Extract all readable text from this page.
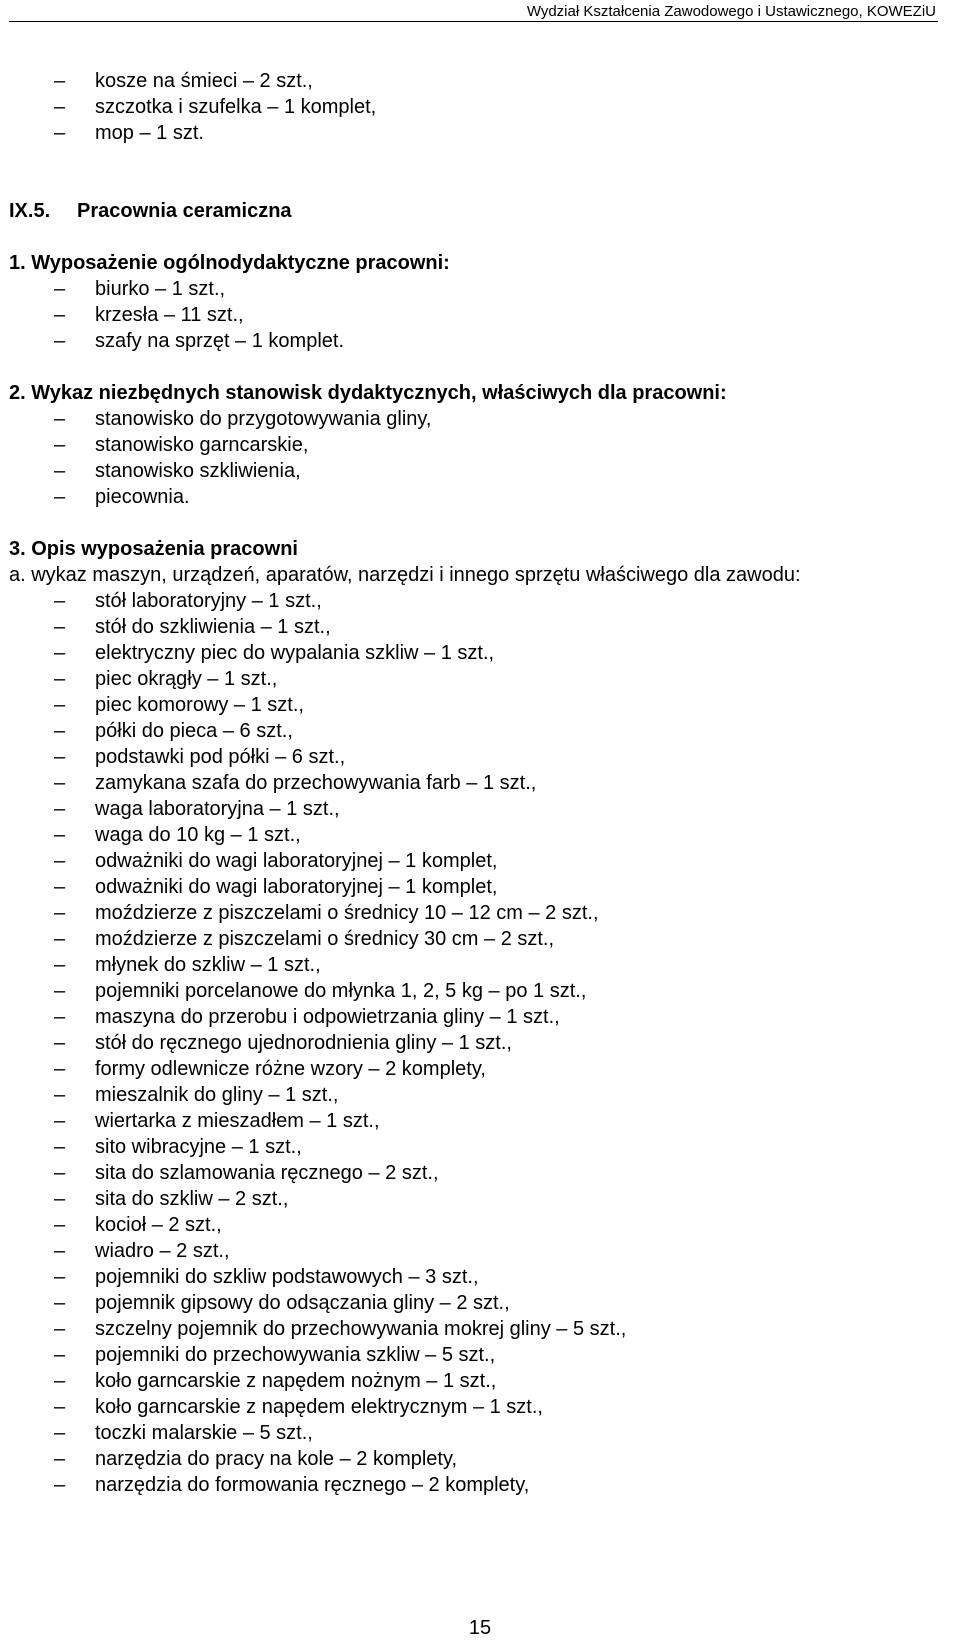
Wydział Kształcenia Zawodowego i Ustawicznego, KOWEZiU
IX.5. Pracownia ceramiczna
1. Wyposażenie ogólnodydaktyczne pracowni:
2. Wykaz niezbędnych stanowisk dydaktycznych, właściwych dla pracowni:
3. Opis wyposażenia pracowni
a. wykaz maszyn, urządzeń, aparatów, narzędzi i innego sprzętu właściwego dla zawodu:
15
– kosze na śmieci – 2 szt.,
– szczotka i szufelka – 1 komplet,
– mop – 1 szt.
– biurko – 1 szt.,
– krzesła – 11 szt.,
– szafy na sprzęt – 1 komplet.
– stanowisko do przygotowywania gliny,
– stanowisko garncarskie,
– stanowisko szkliwienia,
– piecownia.
– stół laboratoryjny – 1 szt.,
– stół do szkliwienia – 1 szt.,
– elektryczny piec do wypalania szkliw – 1 szt.,
– piec okrągły – 1 szt.,
– piec komorowy – 1 szt.,
– półki do pieca – 6 szt.,
– podstawki pod półki – 6 szt.,
– zamykana szafa do przechowywania farb – 1 szt.,
– waga laboratoryjna – 1 szt.,
– waga do 10 kg – 1 szt.,
– odważniki do wagi laboratoryjnej – 1 komplet,
– odważniki do wagi laboratoryjnej – 1 komplet,
– moździerze z piszczelami o średnicy 10 – 12 cm – 2 szt.,
– moździerze z piszczelami o średnicy 30 cm – 2 szt.,
– młynek do szkliw – 1 szt.,
– pojemniki porcelanowe do młynka 1, 2, 5 kg – po 1 szt.,
– maszyna do przerobu i odpowietrzania gliny – 1 szt.,
– stół do ręcznego ujednorodnienia gliny – 1 szt.,
– formy odlewnicze różne wzory – 2 komplety,
– mieszalnik do gliny – 1 szt.,
– wiertarka z mieszadłem – 1 szt.,
– sito wibracyjne – 1 szt.,
– sita do szlamowania ręcznego – 2 szt.,
– sita do szkliw – 2 szt.,
– kocioł – 2 szt.,
– wiadro – 2 szt.,
– pojemniki do szkliw podstawowych – 3 szt.,
– pojemnik gipsowy do odsączania gliny – 2 szt.,
– szczelny pojemnik do przechowywania mokrej gliny – 5 szt.,
– pojemniki do przechowywania szkliw – 5 szt.,
– koło garncarskie z napędem nożnym – 1 szt.,
– koło garncarskie z napędem elektrycznym – 1 szt.,
– toczki malarskie – 5 szt.,
– narzędzia do pracy na kole – 2 komplety,
– narzędzia do formowania ręcznego – 2 komplety,
